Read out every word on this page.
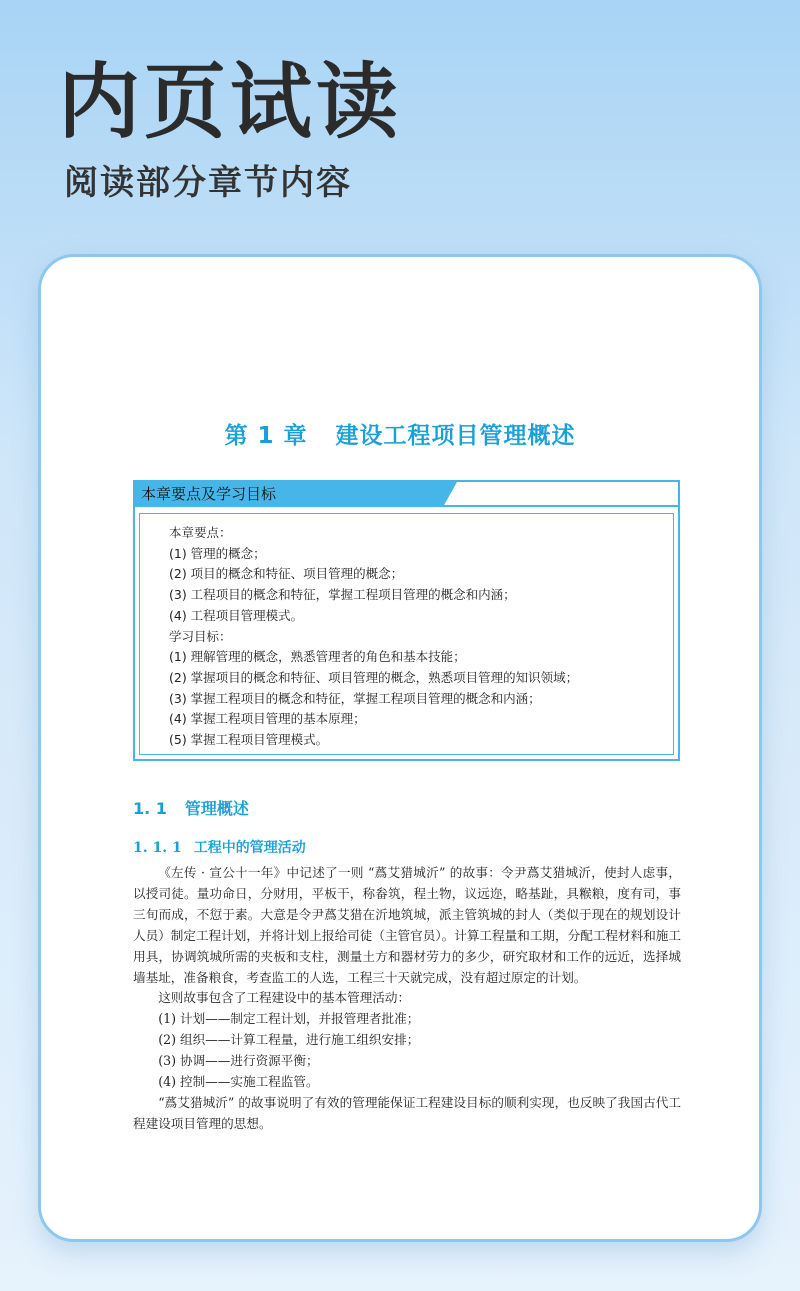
内页试读
阅读部分章节内容
第 1 章 建设工程项目管理概述
本章要点及学习目标
本章要点：
(1) 管理的概念；
(2) 项目的概念和特征、项目管理的概念；
(3) 工程项目的概念和特征，掌握工程项目管理的概念和内涵；
(4) 工程项目管理模式。
学习目标：
(1) 理解管理的概念，熟悉管理者的角色和基本技能；
(2) 掌握项目的概念和特征、项目管理的概念，熟悉项目管理的知识领域；
(3) 掌握工程项目的概念和特征，掌握工程项目管理的概念和内涵；
(4) 掌握工程项目管理的基本原理；
(5) 掌握工程项目管理模式。
1. 1 管理概述
1. 1. 1 工程中的管理活动

《左传 · 宣公十一年》中记述了一则 “蔿艾猎城沂” 的故事：令尹蔿艾猎城沂，使封人虑事，以授司徒。量功命日，分财用，平板干，称畚筑，程土物，议远迩，略基趾，具糇粮，度有司，事三旬而成，不愆于素。大意是令尹蔿艾猎在沂地筑城，派主管筑城的封人（类似于现在的规划设计人员）制定工程计划，并将计划上报给司徒（主管官员）。计算工程量和工期，分配工程材料和施工用具，协调筑城所需的夹板和支柱，测量土方和器材劳力的多少，研究取材和工作的远近，选择城墙基址，准备粮食，考查监工的人选，工程三十天就完成，没有超过原定的计划。

这则故事包含了工程建设中的基本管理活动：

(1) 计划——制定工程计划，并报管理者批准；

(2) 组织——计算工程量，进行施工组织安排；

(3) 协调——进行资源平衡；

(4) 控制——实施工程监管。

“蔿艾猎城沂” 的故事说明了有效的管理能保证工程建设目标的顺利实现，也反映了我国古代工程建设项目管理的思想。
